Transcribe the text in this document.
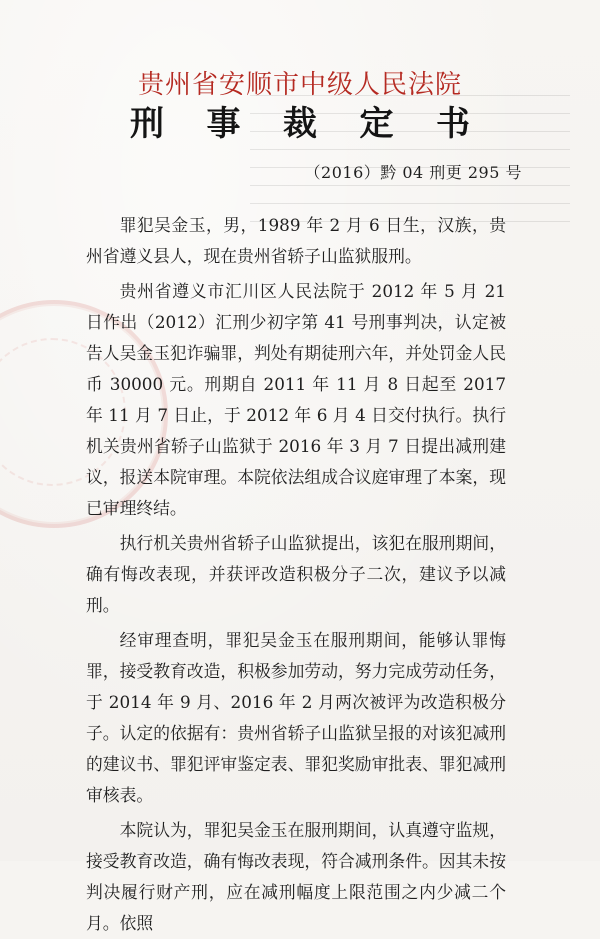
贵州省安顺市中级人民法院
刑 事 裁 定 书
（2016）黔 04 刑更 295 号

罪犯吴金玉，男，1989 年 2 月 6 日生，汉族，贵州省遵义县人，现在贵州省轿子山监狱服刑。

贵州省遵义市汇川区人民法院于 2012 年 5 月 21 日作出（2012）汇刑少初字第 41 号刑事判决，认定被告人吴金玉犯诈骗罪，判处有期徒刑六年，并处罚金人民币 30000 元。刑期自 2011 年 11 月 8 日起至 2017 年 11 月 7 日止，于 2012 年 6 月 4 日交付执行。执行机关贵州省轿子山监狱于 2016 年 3 月 7 日提出减刑建议，报送本院审理。本院依法组成合议庭审理了本案，现已审理终结。

执行机关贵州省轿子山监狱提出，该犯在服刑期间，确有悔改表现，并获评改造积极分子二次，建议予以减刑。

经审理查明，罪犯吴金玉在服刑期间，能够认罪悔罪，接受教育改造，积极参加劳动，努力完成劳动任务，于 2014 年 9 月、2016 年 2 月两次被评为改造积极分子。认定的依据有：贵州省轿子山监狱呈报的对该犯减刑的建议书、罪犯评审鉴定表、罪犯奖励审批表、罪犯减刑审核表。

本院认为，罪犯吴金玉在服刑期间，认真遵守监规，接受教育改造，确有悔改表现，符合减刑条件。因其未按判决履行财产刑，应在减刑幅度上限范围之内少减二个月。依照
